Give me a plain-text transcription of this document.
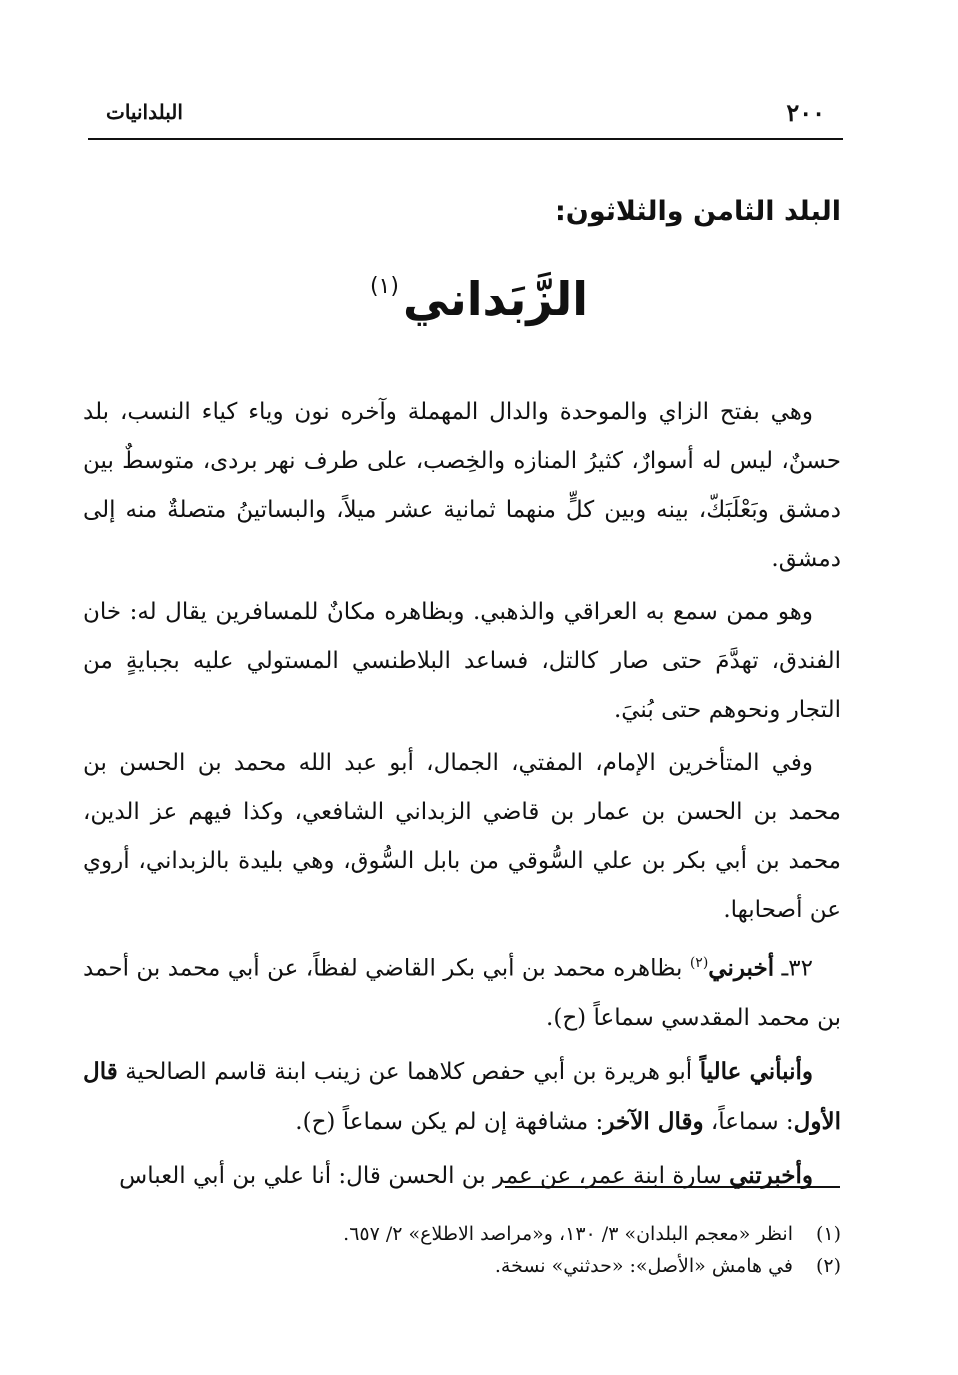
٢٠٠
البلدانيات
البلد الثامن والثلاثون:
الزَّبَداني$^{(١)}$

وهي بفتح الزاي والموحدة والدال المهملة وآخره نون وياء كياء النسب، بلد حسنٌ، ليس له أسوارٌ، كثيرُ المنازه والخِصب، على طرف نهر بردى، متوسطٌ بين دمشق وبَعْلَبَكّ، بينه وبين كلٍّ منهما ثمانية عشر ميلاً، والبساتينُ متصلةٌ منه إلى دمشق.

وهو ممن سمع به العراقي والذهبي. وبظاهره مكانٌ للمسافرين يقال له: خان الفندق، تهدَّمَ حتى صار كالتل، فساعد البلاطنسي المستولي عليه بجبايةٍ من التجار ونحوهم حتى بُنيَ.

وفي المتأخرين الإمام، المفتي، الجمال، أبو عبد الله محمد بن الحسن بن محمد بن الحسن بن عمار بن قاضي الزبداني الشافعي، وكذا فيهم عز الدين، محمد بن أبي بكر بن علي السُّوقي من بابل السُّوق، وهي بليدة بالزبداني، أروي عن أصحابها.

٣٢ـ أخبرني$^{(٢)}$ بظاهره محمد بن أبي بكر القاضي لفظاً، عن أبي محمد بن أحمد بن محمد المقدسي سماعاً (ح).

وأنبأني عالياً أبو هريرة بن أبي حفص كلاهما عن زينب ابنة قاسم الصالحية قال الأول: سماعاً، وقال الآخر: مشافهة إن لم يكن سماعاً (ح).

وأخبرتني سارة ابنة عمر، عن عمر بن الحسن قال: أنا علي بن أبي العباس

(١)انظر «معجم البلدان» ٣/ ١٣٠، و«مراصد الاطلاع» ٢/ ٦٥٧.

(٢)في هامش «الأصل»: «حدثني» نسخة.
